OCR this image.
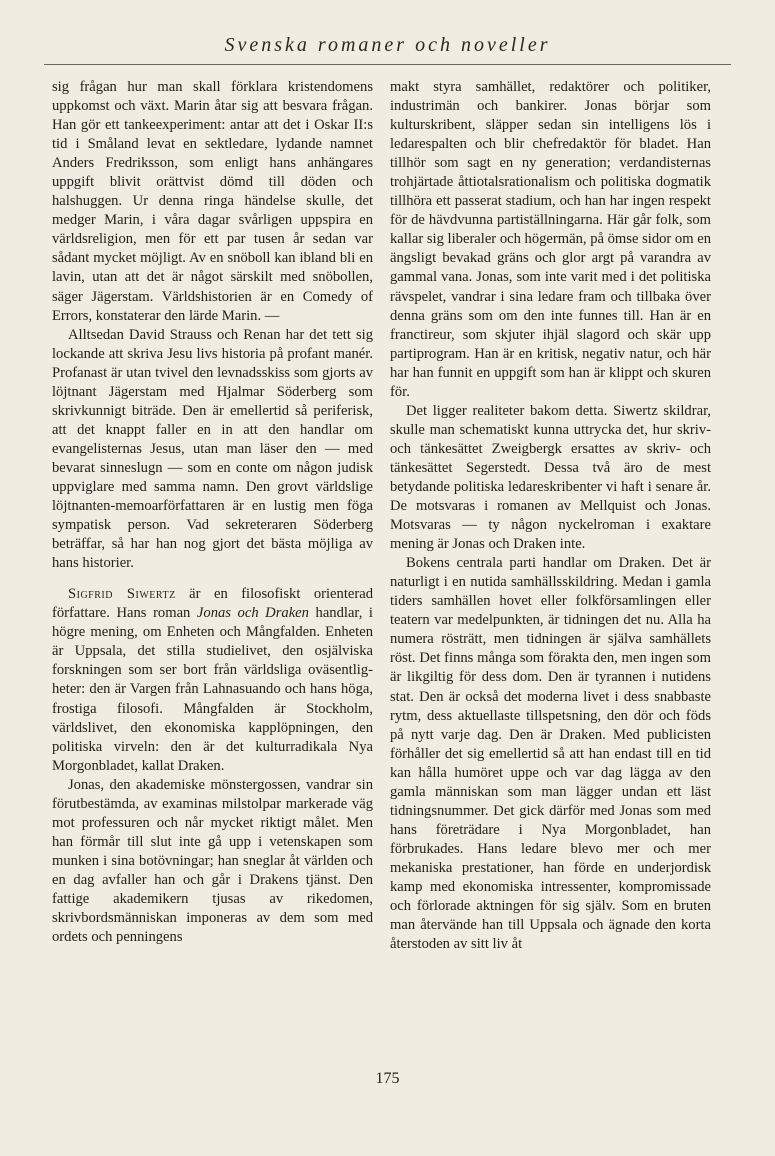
Svenska romaner och noveller

sig frågan hur man skall förklara kristendomens uppkomst och växt. Marin åtar sig att besvara frågan. Han gör ett tankeexperiment: antar att det i Oskar II:s tid i Småland levat en sektledare, lydande namnet Anders Fredriksson, som enligt hans anhängares uppgift blivit orättvist dömd till döden och halshuggen. Ur denna ringa händelse skulle, det medger Marin, i våra dagar svårligen uppspira en världsreligion, men för ett par tusen år sedan var sådant mycket möjligt. Av en snöboll kan ibland bli en lavin, utan att det är något särskilt med snöbollen, säger Jägerstam. Världshistorien är en Comedy of Errors, konstaterar den lärde Marin. —

Alltsedan David Strauss och Renan har det tett sig lockande att skriva Jesu livs historia på profant manér. Profanast är utan tvivel den levnadsskiss som gjorts av löjtnant Jägerstam med Hjalmar Söderberg som skrivkunnigt biträde. Den är emellertid så periferisk, att det knappt faller en in att den handlar om evangelisternas Jesus, utan man läser den — med bevarat sinneslugn — som en conte om någon judisk uppviglare med samma namn. Den grovt världslige löjtnanten-memoarförfattaren är en lustig men föga sympatisk person. Vad sekreteraren Söderberg beträffar, så har han nog gjort det bästa möjliga av hans historier.

Sigfrid Siwertz är en filosofiskt orienterad författare. Hans roman Jonas och Draken handlar, i högre mening, om Enheten och Mångfalden. Enheten är Uppsala, det stilla studielivet, den osjälviska forskningen som ser bort från världsliga oväsentligheter: den är Vargen från Lahnasuando och hans höga, frostiga filosofi. Mångfalden är Stockholm, världslivet, den ekonomiska kapplöpningen, den politiska virveln: den är det kulturradikala Nya Morgonbladet, kallat Draken.

Jonas, den akademiske mönstergossen, vandrar sin förutbestämda, av examinas milstolpar markerade väg mot professuren och når mycket riktigt målet. Men han förmår till slut inte gå upp i vetenskapen som munken i sina botövningar; han sneglar åt världen och en dag avfaller han och går i Drakens tjänst. Den fattige akademikern tjusas av rikedomen, skrivbordsmänniskan imponeras av dem som med ordets och penningens

makt styra samhället, redaktörer och politiker, industrimän och bankirer. Jonas börjar som kulturskribent, släpper sedan sin intelligens lös i ledarespalten och blir chefredaktör för bladet. Han tillhör som sagt en ny generation; verdandisternas trohjärtade åttiotalsrationalism och politiska dogmatik tillhöra ett passerat stadium, och han har ingen respekt för de hävdvunna partiställningarna. Här går folk, som kallar sig liberaler och högermän, på ömse sidor om en ängsligt bevakad gräns och glor argt på varandra av gammal vana. Jonas, som inte varit med i det politiska rävspelet, vandrar i sina ledare fram och tillbaka över denna gräns som om den inte funnes till. Han är en franctireur, som skjuter ihjäl slagord och skär upp partiprogram. Han är en kritisk, negativ natur, och här har han funnit en uppgift som han är klippt och skuren för.

Det ligger realiteter bakom detta. Siwertz skildrar, skulle man schematiskt kunna uttrycka det, hur skriv- och tänkesättet Zweigbergk ersattes av skriv- och tänkesättet Segerstedt. Dessa två äro de mest betydande politiska ledareskribenter vi haft i senare år. De motsvaras i romanen av Mellquist och Jonas. Motsvaras — ty någon nyckelroman i exaktare mening är Jonas och Draken inte.

Bokens centrala parti handlar om Draken. Det är naturligt i en nutida samhällsskildring. Medan i gamla tiders samhällen hovet eller folkförsamlingen eller teatern var medelpunkten, är tidningen det nu. Alla ha numera rösträtt, men tidningen är själva samhällets röst. Det finns många som förakta den, men ingen som är likgiltig för dess dom. Den är tyrannen i nutidens stat. Den är också det moderna livet i dess snabbaste rytm, dess aktuellaste tillspetsning, den dör och föds på nytt varje dag. Den är Draken. Med publicisten förhåller det sig emellertid så att han endast till en tid kan hålla humöret uppe och var dag lägga av den gamla människan som man lägger undan ett läst tidningsnummer. Det gick därför med Jonas som med hans företrädare i Nya Morgonbladet, han förbrukades. Hans ledare blevo mer och mer mekaniska prestationer, han förde en underjordisk kamp med ekonomiska intressenter, kompromissade och förlorade aktningen för sig själv. Som en bruten man återvände han till Uppsala och ägnade den korta återstoden av sitt liv åt

175
